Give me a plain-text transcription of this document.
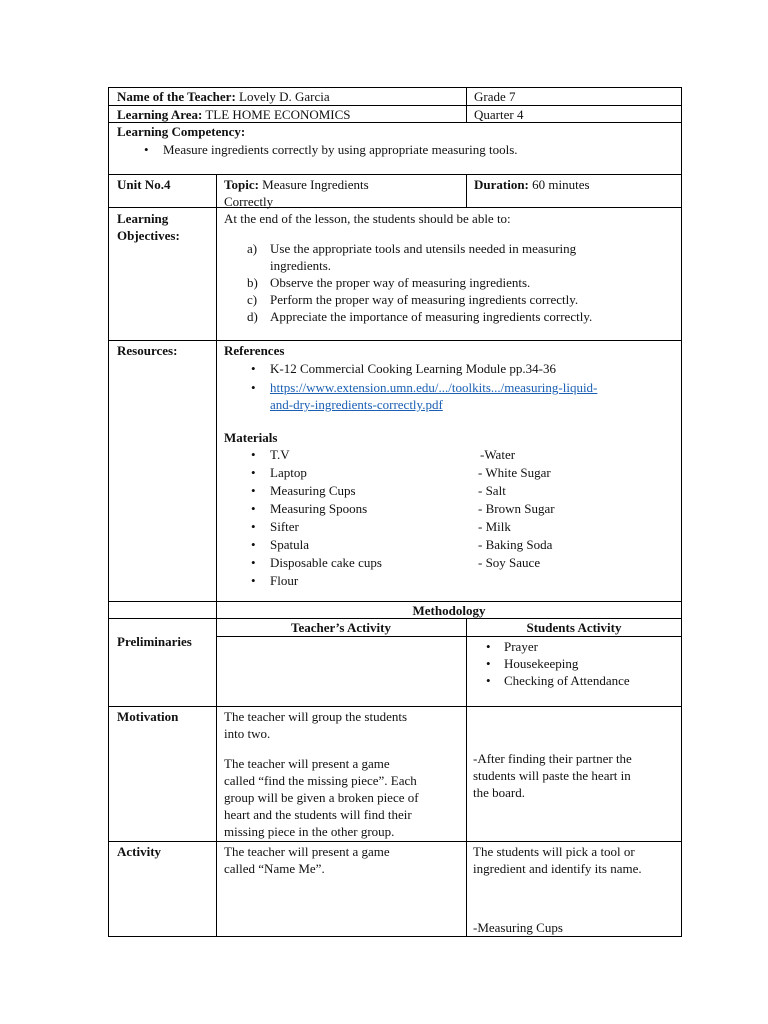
Name of the Teacher: Lovely D. Garcia	Grade 7
Learning Area: TLE HOME ECONOMICS	Quarter 4
Learning Competency:
• Measure ingredients correctly by using appropriate measuring tools.
Unit No.4	Topic: Measure Ingredients
Correctly
Duration: 60 minutes
Learning
Objectives:
At the end of the lesson, the students should be able to:
a) Use the appropriate tools and utensils needed in measuring
ingredients.
b) Observe the proper way of measuring ingredients.
c) Perform the proper way of measuring ingredients correctly.
d) Appreciate the importance of measuring ingredients correctly.
Resources:	References
• K-12 Commercial Cooking Learning Module pp.34-36
• https://www.extension.umn.edu/.../toolkits.../measuring-liquid-
and-dry-ingredients-correctly.pdf
Materials
• T.V
• Laptop
• Measuring Cups
• Measuring Spoons
• Sifter
• Spatula
• Disposable cake cups
• Flour
-Water
- White Sugar
- Salt
- Brown Sugar
- Milk
- Baking Soda
- Soy Sauce
Methodology
Teacher’s Activity	Students Activity
Preliminaries
•	Prayer
• Housekeeping
• Checking of Attendance
Motivation	The teacher will group the students
into two.
The teacher will present a game
called “find the missing piece”. Each
group will be given a broken piece of
heart and the students will find their
missing piece in the other group.
-After finding their partner the
students will paste the heart in
the board.
Activity	The teacher will present a game
called “Name Me”.
The students will pick a tool or
ingredient and identify its name.
-Measuring Cups
